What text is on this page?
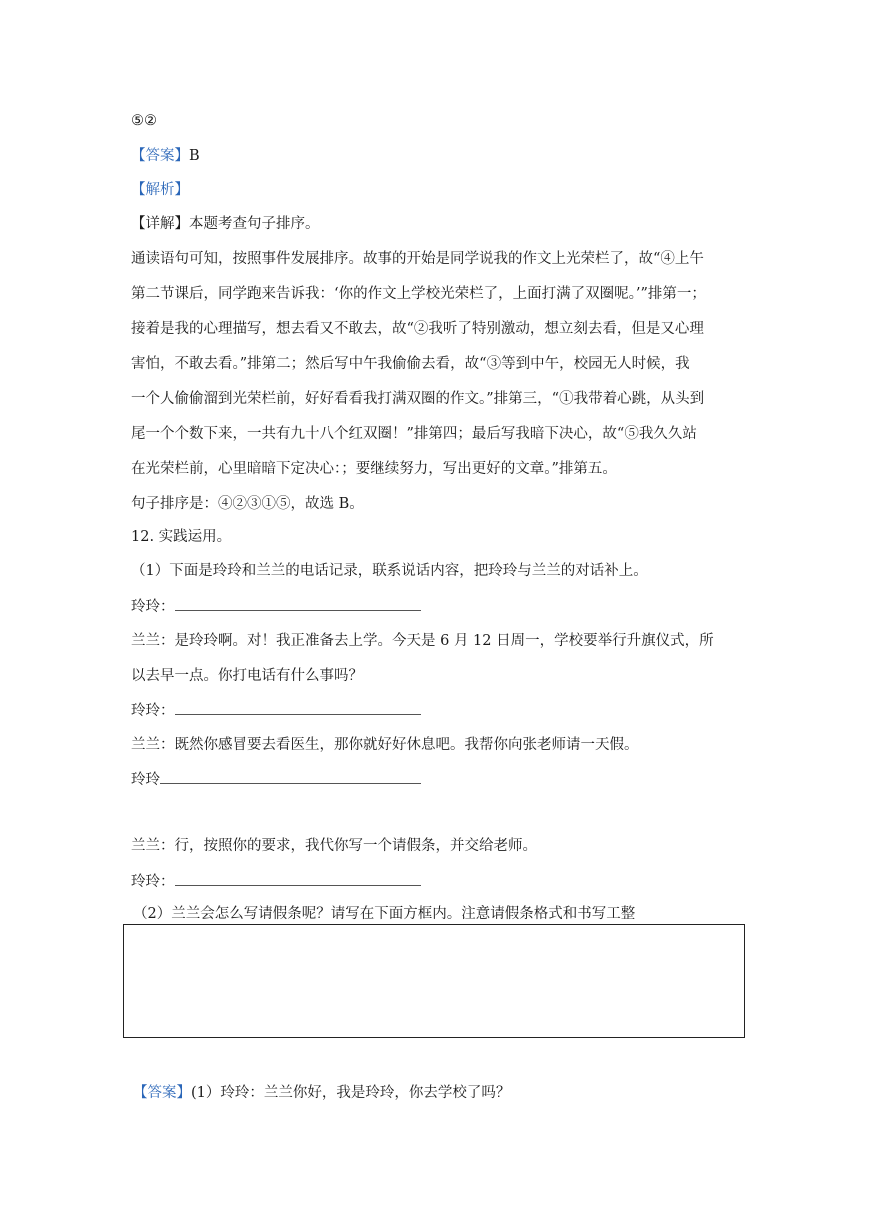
⑤②
【答案】B
【解析】
【详解】本题考查句子排序。
通读语句可知，按照事件发展排序。故事的开始是同学说我的作文上光荣栏了，故“④上午
第二节课后，同学跑来告诉我：‘你的作文上学校光荣栏了，上面打满了双圈呢。’”排第一；
接着是我的心理描写，想去看又不敢去，故“②我听了特别激动，想立刻去看，但是又心理
害怕，不敢去看。”排第二；然后写中午我偷偷去看，故“③等到中午，校园无人时候，我
一个人偷偷溜到光荣栏前，好好看看我打满双圈的作文。”排第三，“①我带着心跳，从头到
尾一个个数下来，一共有九十八个红双圈！”排第四；最后写我暗下决心，故“⑤我久久站
在光荣栏前，心里暗暗下定决心：；要继续努力，写出更好的文章。”排第五。
句子排序是：④②③①⑤，故选 B。
12. 实践运用。
（1）下面是玲玲和兰兰的电话记录，联系说话内容，把玲玲与兰兰的对话补上。
玲玲：
兰兰：是玲玲啊。对！我正准备去上学。今天是 6 月 12 日周一，学校要举行升旗仪式，所
以去早一点。你打电话有什么事吗？
玲玲：
兰兰：既然你感冒要去看医生，那你就好好休息吧。我帮你向张老师请一天假。
玲玲
兰兰：行，按照你的要求，我代你写一个请假条，并交给老师。
玲玲：
（2）兰兰会怎么写请假条呢？请写在下面方框内。注意请假条格式和书写工整
【答案】(1）玲玲：兰兰你好，我是玲玲，你去学校了吗？
